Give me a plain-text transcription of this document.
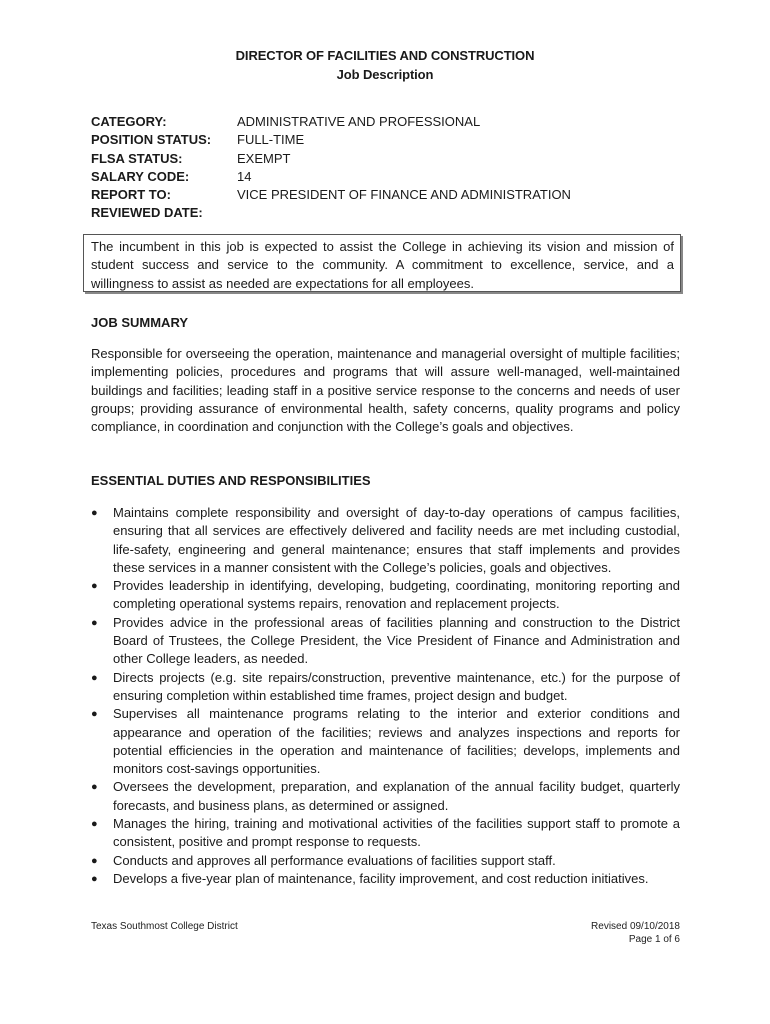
DIRECTOR OF FACILITIES AND CONSTRUCTION
Job Description
CATEGORY:	ADMINISTRATIVE AND PROFESSIONAL
POSITION STATUS:	FULL-TIME
FLSA STATUS:	EXEMPT
SALARY CODE:	14
REPORT TO:	VICE PRESIDENT OF FINANCE AND ADMINISTRATION
REVIEWED DATE:
The incumbent in this job is expected to assist the College in achieving its vision and mission of student success and service to the community. A commitment to excellence, service, and a willingness to assist as needed are expectations for all employees.
JOB SUMMARY
Responsible for overseeing the operation, maintenance and managerial oversight of multiple facilities; implementing policies, procedures and programs that will assure well-managed, well-maintained buildings and facilities; leading staff in a positive service response to the concerns and needs of user groups; providing assurance of environmental health, safety concerns, quality programs and policy compliance, in coordination and conjunction with the College’s goals and objectives.
ESSENTIAL DUTIES AND RESPONSIBILITIES
●	Maintains complete responsibility and oversight of day-to-day operations of campus facilities, ensuring that all services are effectively delivered and facility needs are met including custodial, life-safety, engineering and general maintenance; ensures that staff implements and provides these services in a manner consistent with the College’s policies, goals and objectives.
●	Provides leadership in identifying, developing, budgeting, coordinating, monitoring reporting and completing operational systems repairs, renovation and replacement projects.
●	Provides advice in the professional areas of facilities planning and construction to the District Board of Trustees, the College President, the Vice President of Finance and Administration and other College leaders, as needed.
●	Directs projects (e.g. site repairs/construction, preventive maintenance, etc.) for the purpose of ensuring completion within established time frames, project design and budget.
●	Supervises all maintenance programs relating to the interior and exterior conditions and appearance and operation of the facilities; reviews and analyzes inspections and reports for potential efficiencies in the operation and maintenance of facilities; develops, implements and monitors cost-savings opportunities.
●	Oversees the development, preparation, and explanation of the annual facility budget, quarterly forecasts, and business plans, as determined or assigned.
●	Manages the hiring, training and motivational activities of the facilities support staff to promote a consistent, positive and prompt response to requests.
●	Conducts and approves all performance evaluations of facilities support staff.
●	Develops a five-year plan of maintenance, facility improvement, and cost reduction initiatives.
Texas Southmost College District	Revised 09/10/2018
Page 1 of 6
